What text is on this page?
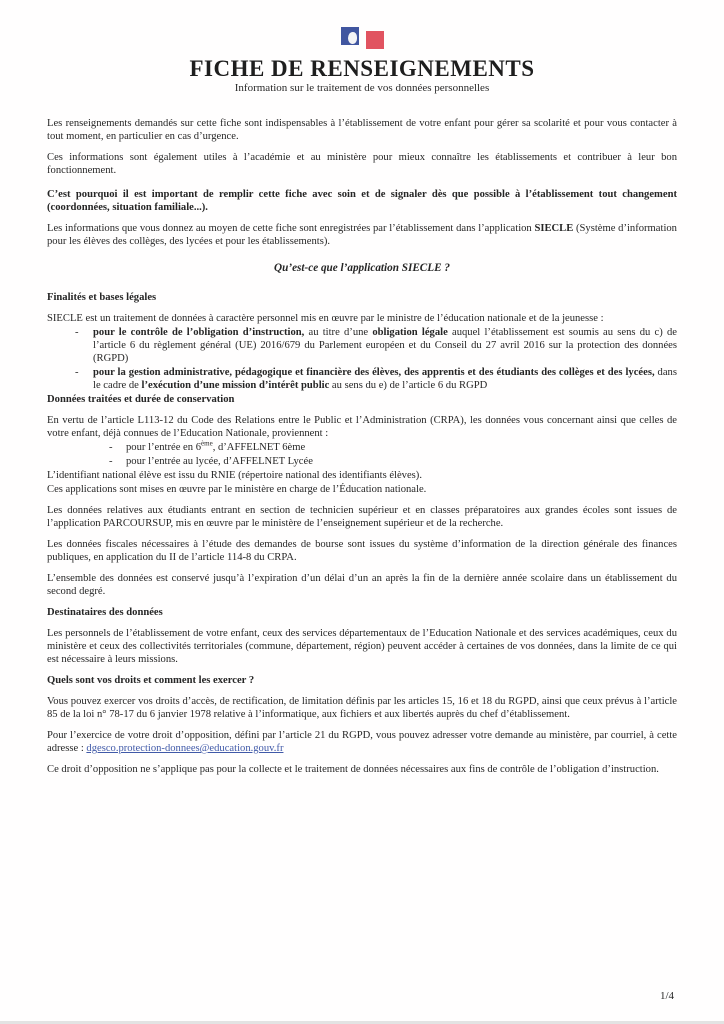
FICHE DE RENSEIGNEMENTS
Information sur le traitement de vos données personnelles

Les renseignements demandés sur cette fiche sont indispensables à l’établissement de votre enfant pour gérer sa scolarité et pour vous contacter à tout moment, en particulier en cas d’urgence.

Ces informations sont également utiles à l’académie et au ministère pour mieux connaître les établissements et contribuer à leur bon fonctionnement.

C’est pourquoi il est important de remplir cette fiche avec soin et de signaler dès que possible à l’établissement tout changement (coordonnées, situation familiale...).

Les informations que vous donnez au moyen de cette fiche sont enregistrées par l’établissement dans l’application SIECLE (Système d’information pour les élèves des collèges, des lycées et pour les établissements).

Qu’est-ce que l’application SIECLE ?

Finalités et bases légales

SIECLE est un traitement de données à caractère personnel mis en œuvre par le ministre de l’éducation nationale et de la jeunesse :

-	pour le contrôle de l’obligation d’instruction, au titre d’une obligation légale auquel l’établissement est soumis au sens du c) de l’article 6 du règlement général (UE) 2016/679 du Parlement européen et du Conseil du 27 avril 2016 sur la protection des données (RGPD)
-	pour la gestion administrative, pédagogique et financière des élèves, des apprentis et des étudiants des collèges et des lycées, dans le cadre de l’exécution d’une mission d’intérêt public au sens du e) de l’article 6 du RGPD

Données traitées et durée de conservation

En vertu de l’article L113-12 du Code des Relations entre le Public et l’Administration (CRPA), les données vous concernant ainsi que celles de votre enfant, déjà connues de l’Education Nationale, proviennent :

-	pour l’entrée en 6ème, d’AFFELNET 6ème
-	pour l’entrée au lycée, d’AFFELNET Lycée

L’identifiant national élève est issu du RNIE (répertoire national des identifiants élèves).

Ces applications sont mises en œuvre par le ministère en charge de l’Éducation nationale.

Les données relatives aux étudiants entrant en section de technicien supérieur et en classes préparatoires aux grandes écoles sont issues de l’application PARCOURSUP, mis en œuvre par le ministère de l’enseignement supérieur et de la recherche.

Les données fiscales nécessaires à l’étude des demandes de bourse sont issues du système d’information de la direction générale des finances publiques, en application du II de l’article 114-8 du CRPA.

L’ensemble des données est conservé jusqu’à l’expiration d’un délai d’un an après la fin de la dernière année scolaire dans un établissement du second degré.

Destinataires des données

Les personnels de l’établissement de votre enfant, ceux des services départementaux de l’Education Nationale et des services académiques, ceux du ministère et ceux des collectivités territoriales (commune, département, région) peuvent accéder à certaines de vos données, dans la limite de ce qui est nécessaire à leurs missions.

Quels sont vos droits et comment les exercer ?

Vous pouvez exercer vos droits d’accès, de rectification, de limitation définis par les articles 15, 16 et 18 du RGPD, ainsi que ceux prévus à l’article 85 de la loi n° 78-17 du 6 janvier 1978 relative à l’informatique, aux fichiers et aux libertés auprès du chef d’établissement.

Pour l’exercice de votre droit d’opposition, défini par l’article 21 du RGPD, vous pouvez adresser votre demande au ministère, par courriel, à cette adresse : dgesco.protection-donnees@education.gouv.fr

Ce droit d’opposition ne s’applique pas pour la collecte et le traitement de données nécessaires aux fins de contrôle de l’obligation d’instruction.

1/4
